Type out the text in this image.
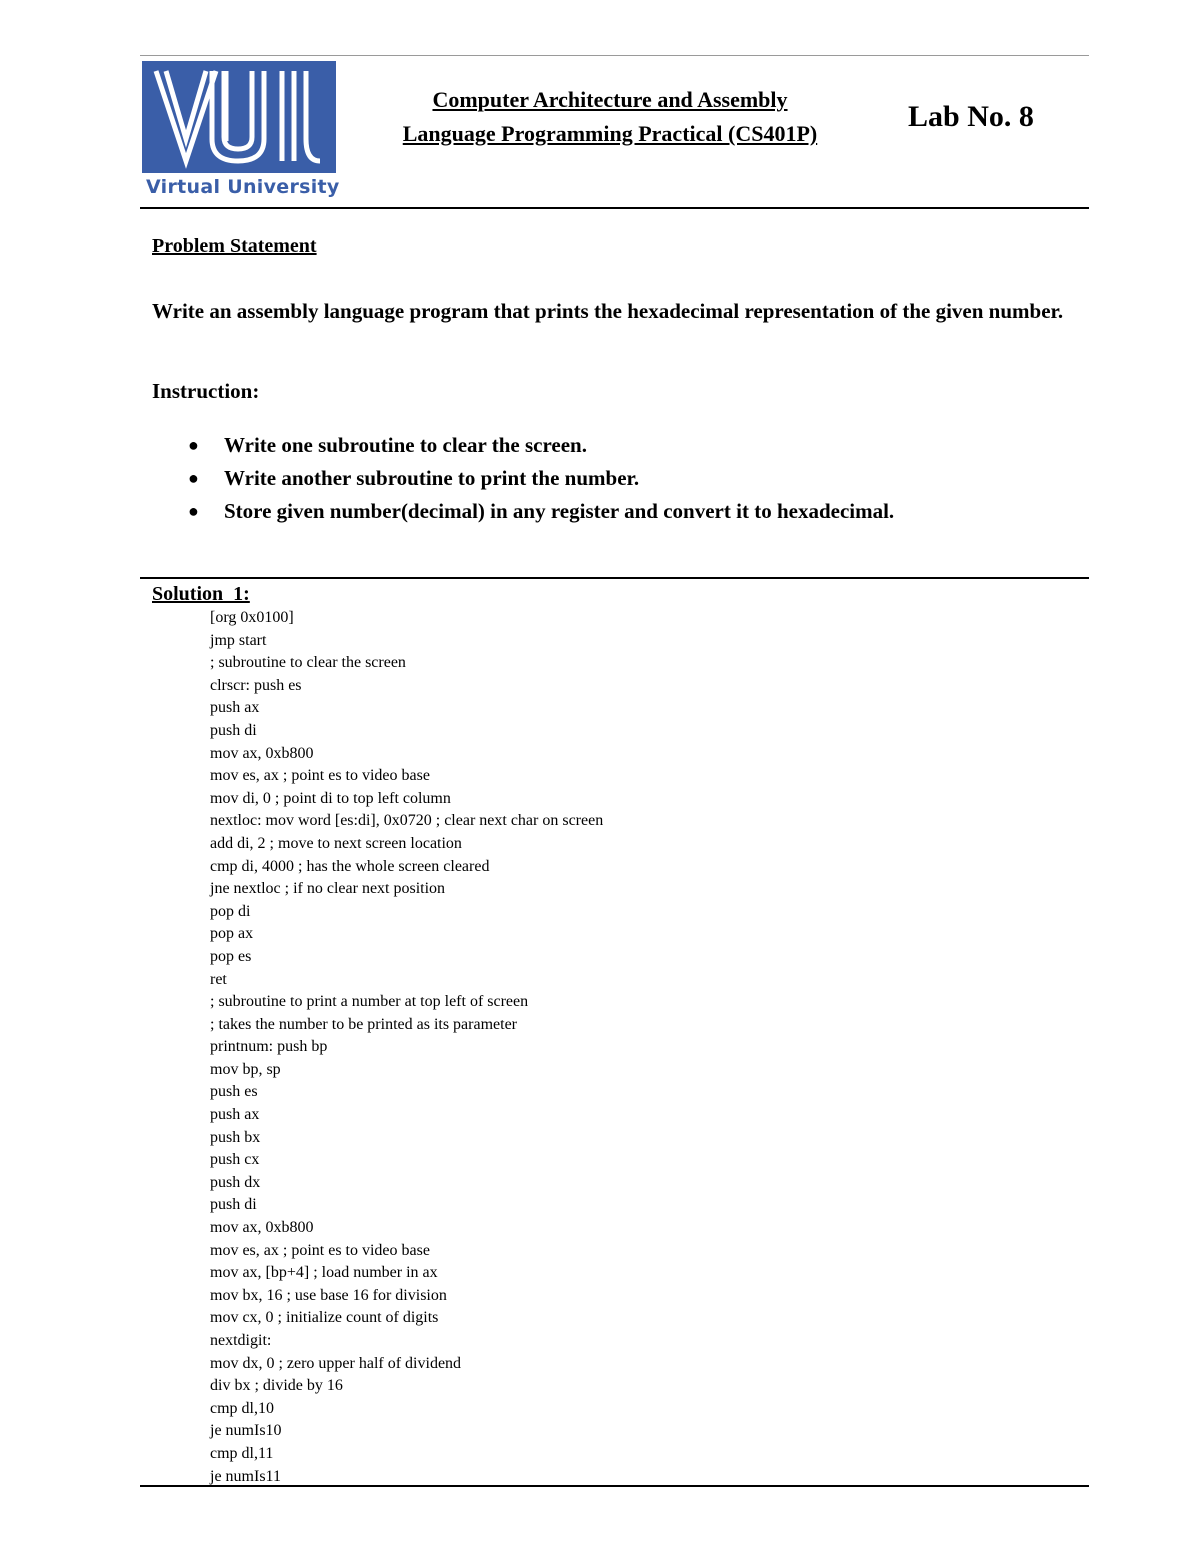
Virtual University
Computer Architecture and Assembly
Language Programming Practical (CS401P)
Lab No. 8
Problem Statement
Write an assembly language program that prints the hexadecimal representation of the given number.
Instruction:
● Write one subroutine to clear the screen.
● Write another subroutine to print the number.
● Store given number(decimal) in any register and convert it to hexadecimal.
Solution  1:
[org 0x0100]
jmp start
; subroutine to clear the screen
clrscr: push es
push ax
push di
mov ax, 0xb800
mov es, ax ; point es to video base
mov di, 0 ; point di to top left column
nextloc: mov word [es:di], 0x0720 ; clear next char on screen
add di, 2 ; move to next screen location
cmp di, 4000 ; has the whole screen cleared
jne nextloc ; if no clear next position
pop di
pop ax
pop es
ret
; subroutine to print a number at top left of screen
; takes the number to be printed as its parameter
printnum: push bp
mov bp, sp
push es
push ax
push bx
push cx
push dx
push di
mov ax, 0xb800
mov es, ax ; point es to video base
mov ax, [bp+4] ; load number in ax
mov bx, 16 ; use base 16 for division
mov cx, 0 ; initialize count of digits
nextdigit:
mov dx, 0 ; zero upper half of dividend
div bx ; divide by 16
cmp dl,10
je numIs10
cmp dl,11
je numIs11
